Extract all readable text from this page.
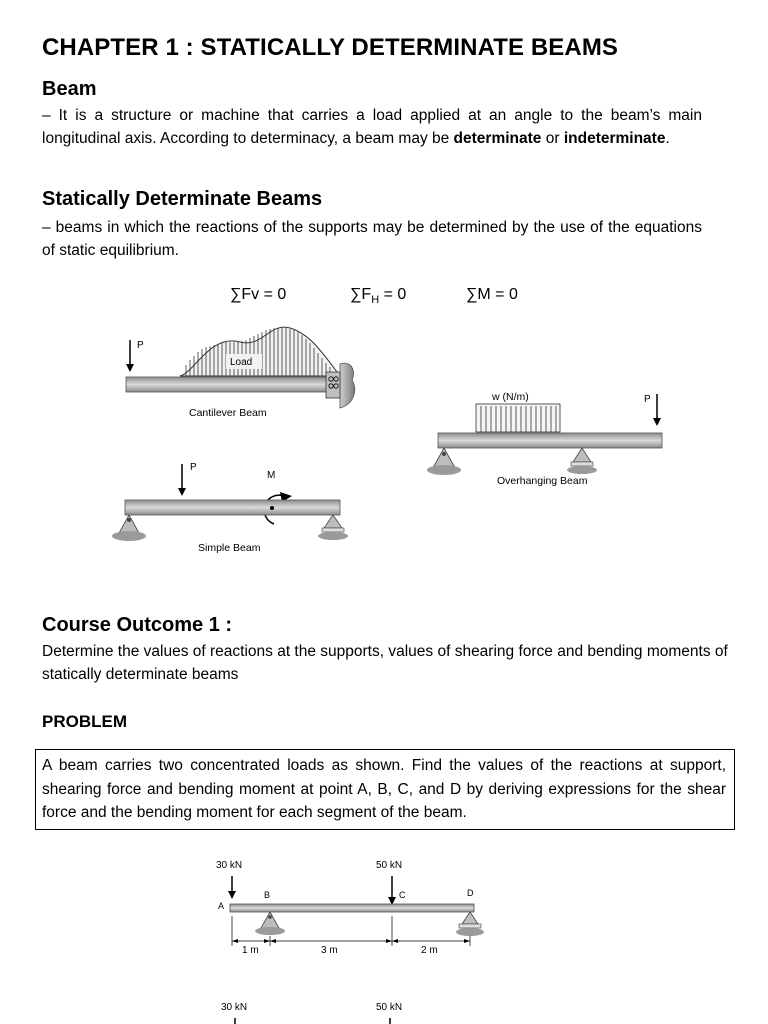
CHAPTER 1 : STATICALLY DETERMINATE BEAMS
Beam
– It is a structure or machine that carries a load applied at an angle to the beam’s main longitudinal axis. According to determinacy, a beam may be determinate or indeterminate.
Statically Determinate Beams
– beams in which the reactions of the supports may be determined by the use of the equations of static equilibrium.
∑Fv = 0	$\sum F_H = 0$	∑M = 0
P
Load
Cantilever Beam
w (N/m)	P
Overhanging Beam
P
M
Simple Beam
Course Outcome 1 :
Determine the values of reactions at the supports, values of shearing force and bending moments of statically determinate beams
PROBLEM
A beam carries two concentrated loads as shown. Find the values of the reactions at support, shearing force and bending moment at point A, B, C, and D by deriving expressions for the shear force and the bending moment for each segment of the beam.
30 kN	50 kN
B	C	D
A
1 m	3 m	2 m
30 kN	50 kN
